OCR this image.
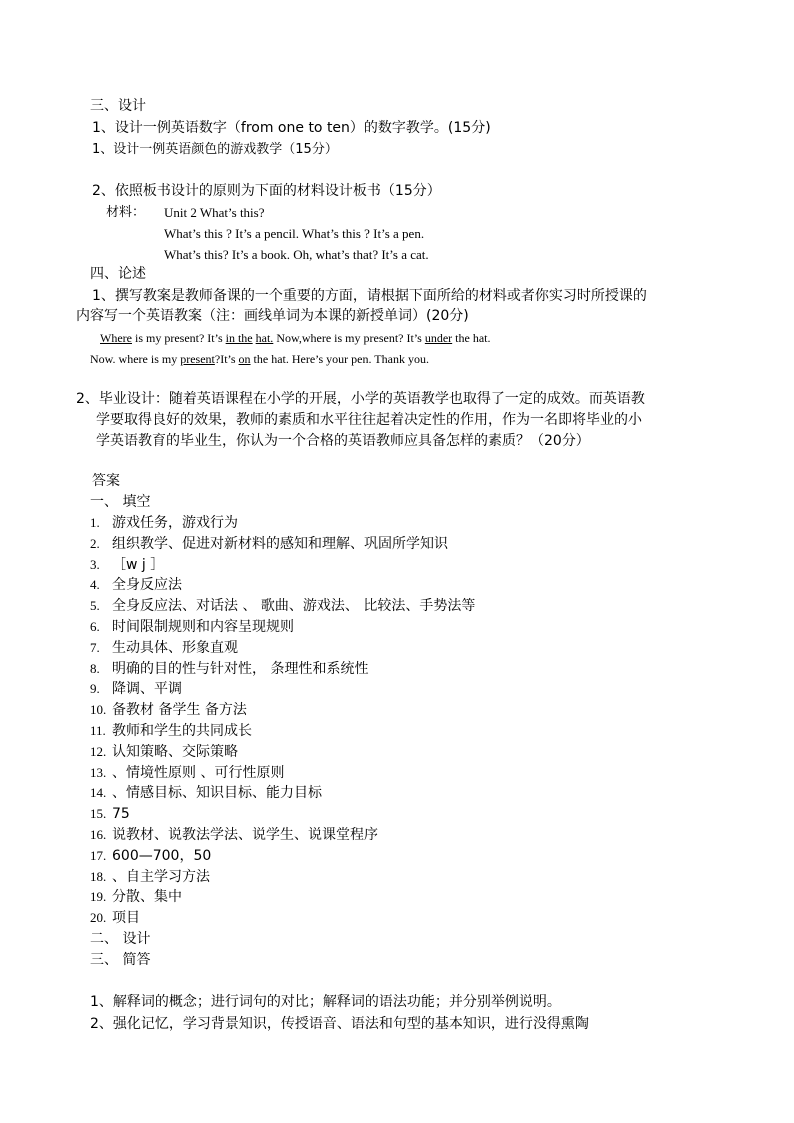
三、设计
1、设计一例英语数字（from one to ten）的数字教学。(15分)
1、设计一例英语颜色的游戏教学（15分）
2、依照板书设计的原则为下面的材料设计板书（15分）
材料： Unit 2 What’s this?
What’s this ? It’s a pencil. What’s this ? It’s a pen.
What’s this? It’s a book. Oh, what’s that? It’s a cat.
四、论述
1、撰写教案是教师备课的一个重要的方面，请根据下面所给的材料或者你实习时所授课的
内容写一个英语教案（注：画线单词为本课的新授单词）(20分)
Where is my present? It’s in the hat. Now,where is my present? It’s under the hat.
Now. where is my present?It’s on the hat. Here’s your pen. Thank you.
2、毕业设计：随着英语课程在小学的开展，小学的英语教学也取得了一定的成效。而英语教
学要取得良好的效果，教师的素质和水平往往起着决定性的作用，作为一名即将毕业的小
学英语教育的毕业生，你认为一个合格的英语教师应具备怎样的素质？（20分）
答案
一、 填空
1. 游戏任务，游戏行为
2. 组织教学、促进对新材料的感知和理解、巩固所学知识
3. ［w j ］
4. 全身反应法
5. 全身反应法、对话法 、 歌曲、游戏法、 比较法、手势法等
6. 时间限制规则和内容呈现规则
7. 生动具体、形象直观
8. 明确的目的性与针对性， 条理性和系统性
9. 降调、平调
10. 备教材 备学生 备方法
11. 教师和学生的共同成长
12. 认知策略、交际策略
13. 、情境性原则 、可行性原则
14. 、情感目标、知识目标、能力目标
15. 75
16. 说教材、说教法学法、说学生、说课堂程序
17. 600—700，50
18. 、自主学习方法
19. 分散、集中
20. 项目
二、 设计
三、 简答
1、解释词的概念；进行词句的对比；解释词的语法功能；并分别举例说明。
2、强化记忆，学习背景知识，传授语音、语法和句型的基本知识，进行没得熏陶
